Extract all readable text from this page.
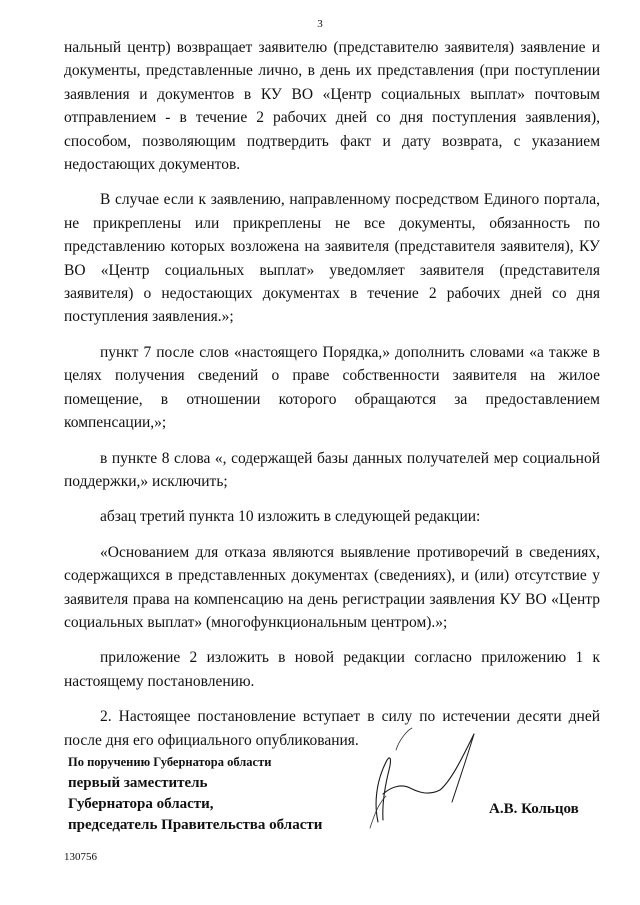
3

нальный центр) возвращает заявителю (представителю заявителя) заявление и документы, представленные лично, в день их представления (при поступлении заявления и документов в КУ ВО «Центр социальных выплат» почтовым отправлением - в течение 2 рабочих дней со дня поступления заявления), способом, позволяющим подтвердить факт и дату возврата, с указанием недостающих документов.

В случае если к заявлению, направленному посредством Единого портала, не прикреплены или прикреплены не все документы, обязанность по представлению которых возложена на заявителя (представителя заявителя), КУ ВО «Центр социальных выплат» уведомляет заявителя (представителя заявителя) о недостающих документах в течение 2 рабочих дней со дня поступления заявления.»;

пункт 7 после слов «настоящего Порядка,» дополнить словами «а также в целях получения сведений о праве собственности заявителя на жилое помещение, в отношении которого обращаются за предоставлением компенсации,»;

в пункте 8 слова «, содержащей базы данных получателей мер социальной поддержки,» исключить;

абзац третий пункта 10 изложить в следующей редакции:

«Основанием для отказа являются выявление противоречий в сведениях, содержащихся в представленных документах (сведениях), и (или) отсутствие у заявителя права на компенсацию на день регистрации заявления КУ ВО «Центр социальных выплат» (многофункциональным центром).»;

приложение 2 изложить в новой редакции согласно приложению 1 к настоящему постановлению.

2. Настоящее постановление вступает в силу по истечении десяти дней после дня его официального опубликования.

По поручению Губернатора области
первый заместитель
Губернатора области,
председатель Правительства области
А.В. Кольцов
130756
